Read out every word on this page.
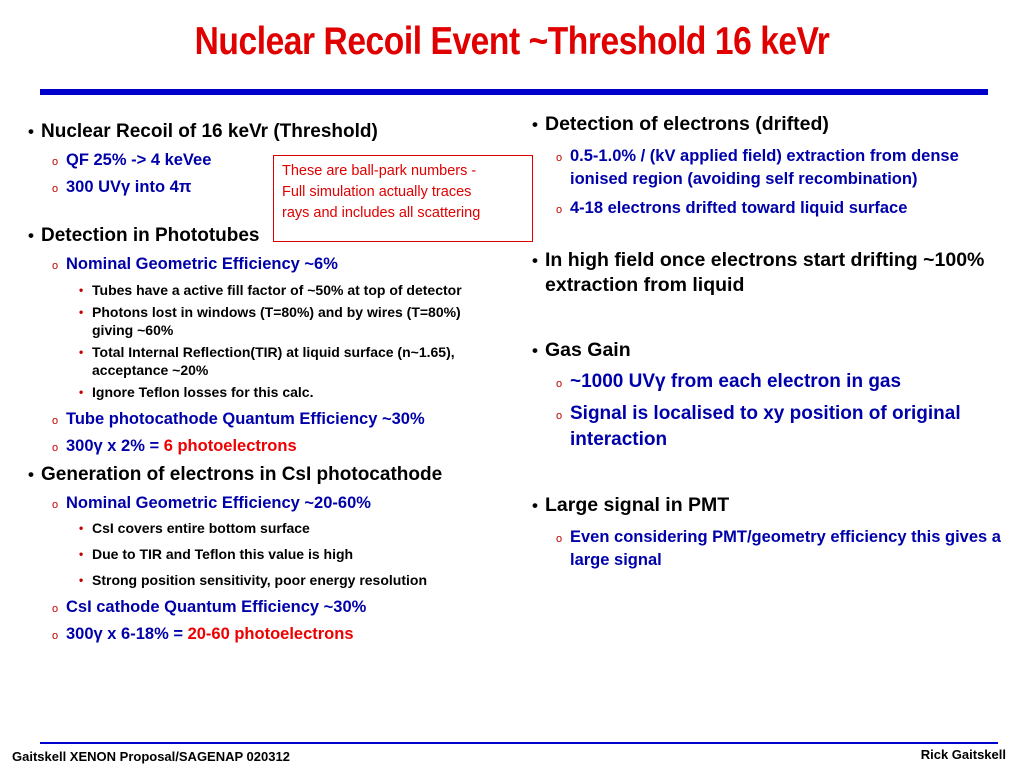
Nuclear Recoil Event ~Threshold 16 keVr
• Nuclear Recoil of 16 keVr (Threshold)
o QF 25% -> 4 keVee
o 300 UVγ into 4π
• Detection in Phototubes
o Nominal Geometric Efficiency ~6%
• Tubes have a active fill factor of ~50% at top of detector
• Photons lost in windows (T=80%) and by wires (T=80%) giving ~60%
• Total Internal Reflection(TIR) at liquid surface (n~1.65), acceptance ~20%
• Ignore Teflon losses for this calc.
o Tube photocathode Quantum Efficiency ~30%
o 300γ x 2% = 6 photoelectrons
• Generation of electrons in CsI photocathode
o Nominal Geometric Efficiency ~20-60%
• CsI covers entire bottom surface
• Due to TIR and Teflon this value is high
• Strong position sensitivity, poor energy resolution
o CsI cathode Quantum Efficiency ~30%
o 300γ x 6-18% = 20-60 photoelectrons
These are ball-park numbers -
Full simulation actually traces
rays and includes all scattering
• Detection of electrons (drifted)
o 0.5-1.0% / (kV applied field) extraction from dense ionised region (avoiding self recombination)
o 4-18 electrons drifted toward liquid surface
• In high field once electrons start drifting ~100% extraction from liquid
• Gas Gain
o ~1000 UVγ from each electron in gas
o Signal is localised to xy position of original interaction
• Large signal in PMT
o Even considering PMT/geometry efficiency this gives a large signal
Gaitskell XENON Proposal/SAGENAP 020312	Rick Gaitskell
